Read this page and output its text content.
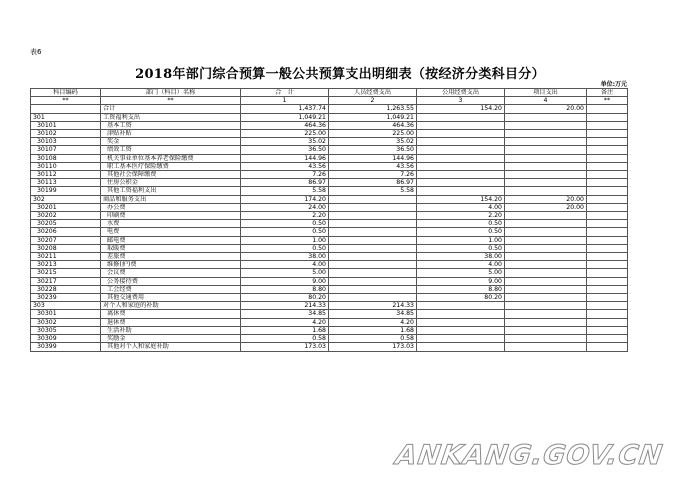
表6
2018年部门综合预算一般公共预算支出明细表（按经济分类科目分）
单位:万元
科目编码	部门（科目）名称	合　计	人员经费支出	公用经费支出	项目支出	备注
**	**	1	2	3	4	**
	合计	1,437.74	1,263.55	154.20	20.00	
301	工资福利支出	1,049.21	1,049.21			
30101	基本工资	464.36	464.36			
30102	津贴补贴	225.00	225.00			
30103	奖金	35.02	35.02			
30107	绩效工资	36.50	36.50			
30108	机关事业单位基本养老保险缴费	144.96	144.96			
30110	职工基本医疗保险缴费	43.56	43.56			
30112	其他社会保障缴费	7.26	7.26			
30113	住房公积金	86.97	86.97			
30199	其他工资福利支出	5.58	5.58			
302	商品和服务支出	174.20		154.20	20.00	
30201	办公费	24.00		4.00	20.00	
30202	印刷费	2.20		2.20		
30205	水费	0.50		0.50		
30206	电费	0.50		0.50		
30207	邮电费	1.00		1.00		
30208	取暖费	0.50		0.50		
30211	差旅费	38.00		38.00		
30213	维修(护)费	4.00		4.00		
30215	会议费	5.00		5.00		
30217	公务接待费	9.00		9.00		
30228	工会经费	8.80		8.80		
30239	其他交通费用	80.20		80.20		
303	对个人和家庭的补助	214.33	214.33			
30301	离休费	34.85	34.85			
30302	退休费	4.20	4.20			
30305	生活补助	1.68	1.68			
30309	奖励金	0.58	0.58			
30399	其他对个人和家庭补助	173.03	173.03			
ANKANG.GOV.CN
